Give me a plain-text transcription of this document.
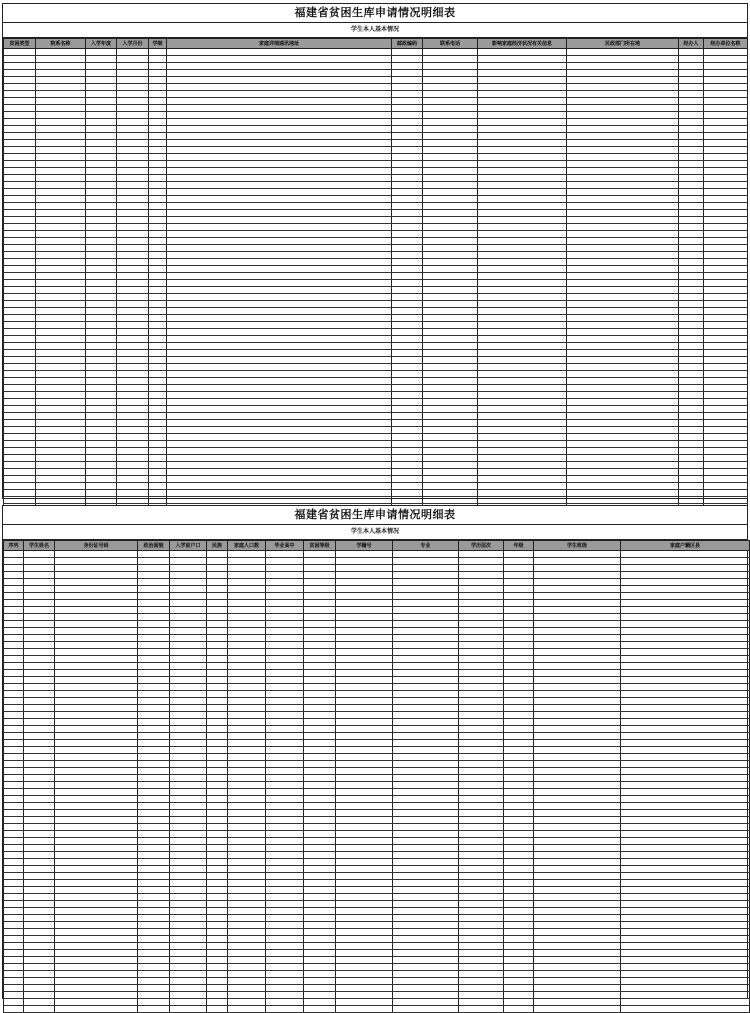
福建省贫困生库申请情况明细表
学生本人基本情况
贫困类型	院系名称	入学年度	入学月份	学制	家庭详细通讯地址	邮政编码	联系电话	影响家庭经济状况有关信息	民政部门所在地	经办人	经办单位名称

福建省贫困生库申请情况明细表
学生本人基本情况
序列	学生姓名	身份证号码	政治面貌	入学前户口	民族	家庭人口数	毕业高中	贫困等级	学籍号	专业	学历层次	年级	学生班级	家庭户籍区县
